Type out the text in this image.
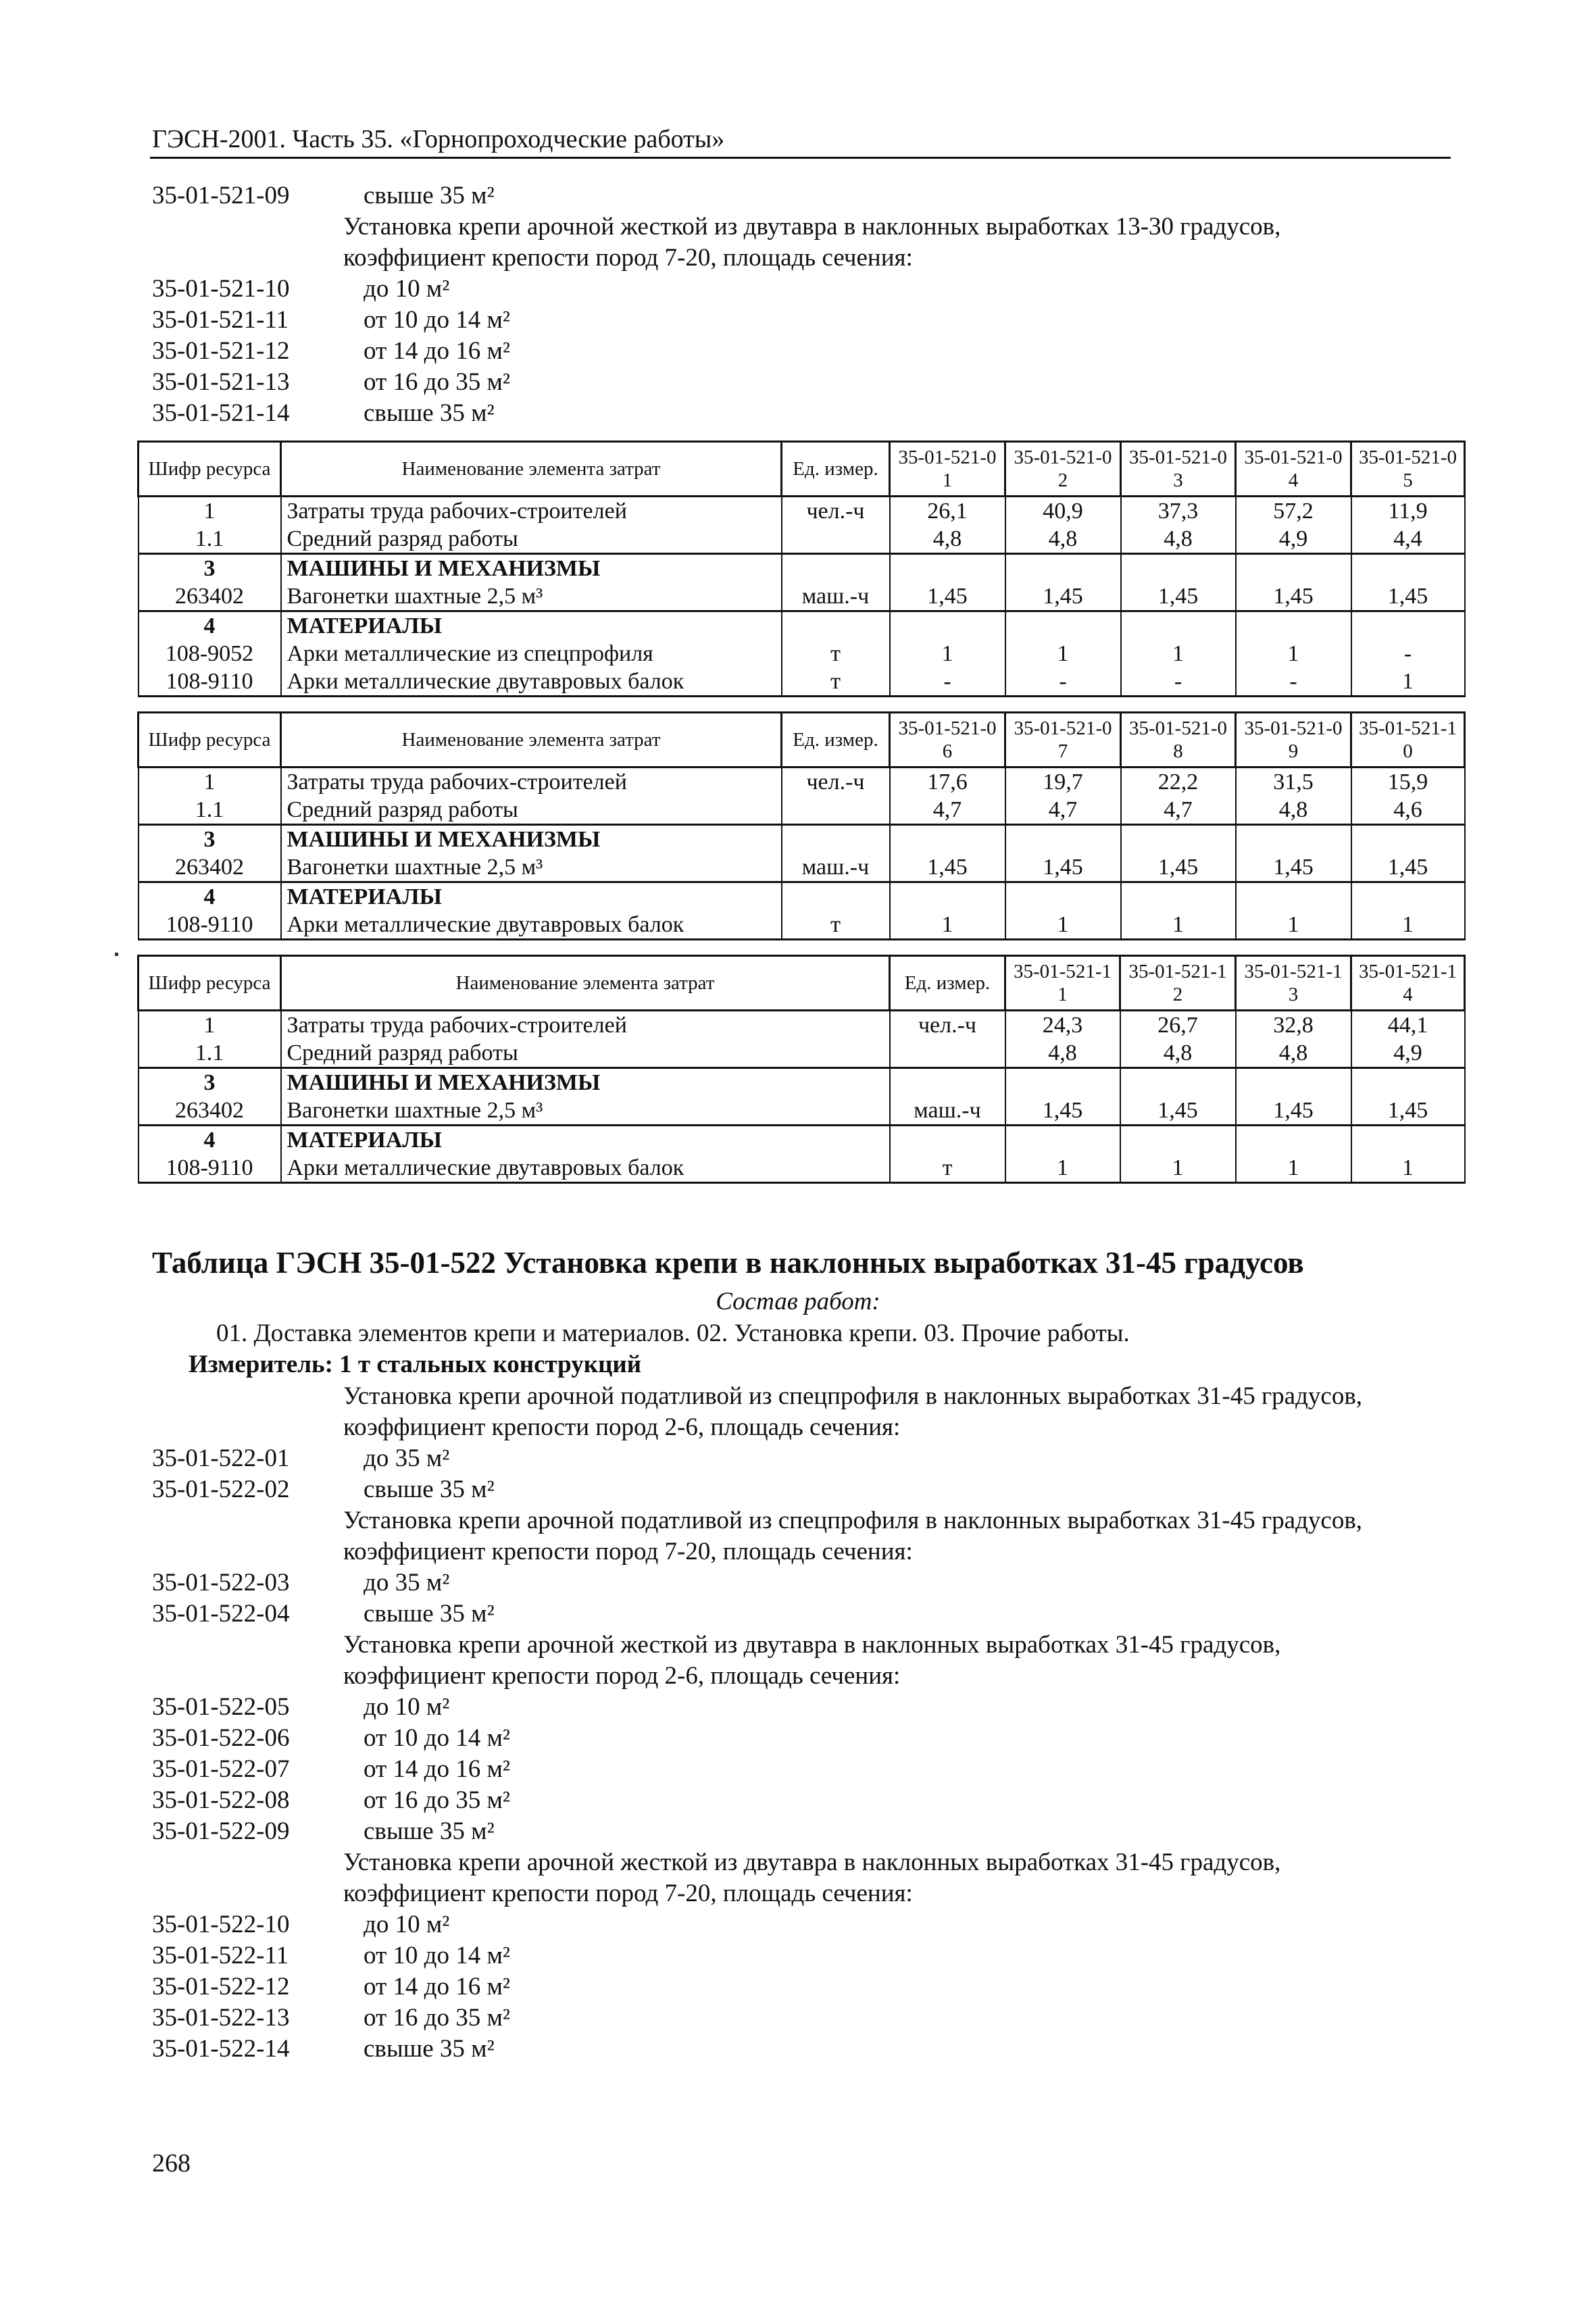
ГЭСН-2001. Часть 35. «Горнопроходческие работы»
35-01-521-09	свыше 35 м²
Установка крепи арочной жесткой из двутавра в наклонных выработках 13-30 градусов,
коэффициент крепости пород 7-20, площадь сечения:
35-01-521-10	до 10 м²
35-01-521-11	от 10 до 14 м²
35-01-521-12	от 14 до 16 м²
35-01-521-13	от 16 до 35 м²
35-01-521-14	свыше 35 м²
Шифр ресурса	Наименование элемента затрат	Ед. измер.	35-01-521-01	35-01-521-02	35-01-521-03	35-01-521-04	35-01-521-05
1	Затраты труда рабочих-строителей	чел.-ч	26,1	40,9	37,3	57,2	11,9
1.1	Средний разряд работы		4,8	4,8	4,8	4,9	4,4
3	МАШИНЫ И МЕХАНИЗМЫ						
263402	Вагонетки шахтные 2,5 м³	маш.-ч	1,45	1,45	1,45	1,45	1,45
4	МАТЕРИАЛЫ						
108-9052	Арки металлические из спецпрофиля	т	1	1	1	1	-
108-9110	Арки металлические двутавровых балок	т	-	-	-	-	1
Шифр ресурса	Наименование элемента затрат	Ед. измер.	35-01-521-06	35-01-521-07	35-01-521-08	35-01-521-09	35-01-521-10
1	Затраты труда рабочих-строителей	чел.-ч	17,6	19,7	22,2	31,5	15,9
1.1	Средний разряд работы		4,7	4,7	4,7	4,8	4,6
3	МАШИНЫ И МЕХАНИЗМЫ						
263402	Вагонетки шахтные 2,5 м³	маш.-ч	1,45	1,45	1,45	1,45	1,45
4	МАТЕРИАЛЫ						
108-9110	Арки металлические двутавровых балок	т	1	1	1	1	1
Шифр ресурса	Наименование элемента затрат	Ед. измер.	35-01-521-11	35-01-521-12	35-01-521-13	35-01-521-14
1	Затраты труда рабочих-строителей	чел.-ч	24,3	26,7	32,8	44,1
1.1	Средний разряд работы		4,8	4,8	4,8	4,9
3	МАШИНЫ И МЕХАНИЗМЫ					
263402	Вагонетки шахтные 2,5 м³	маш.-ч	1,45	1,45	1,45	1,45
4	МАТЕРИАЛЫ					
108-9110	Арки металлические двутавровых балок	т	1	1	1	1
Таблица ГЭСН 35-01-522 Установка крепи в наклонных выработках 31-45 градусов
Состав работ:
01. Доставка элементов крепи и материалов. 02. Установка крепи. 03. Прочие работы.
Измеритель: 1 т стальных конструкций
Установка крепи арочной податливой из спецпрофиля в наклонных выработках 31-45 градусов,
коэффициент крепости пород 2-6, площадь сечения:
35-01-522-01	до 35 м²
35-01-522-02	свыше 35 м²
Установка крепи арочной податливой из спецпрофиля в наклонных выработках 31-45 градусов,
коэффициент крепости пород 7-20, площадь сечения:
35-01-522-03	до 35 м²
35-01-522-04	свыше 35 м²
Установка крепи арочной жесткой из двутавра в наклонных выработках 31-45 градусов,
коэффициент крепости пород 2-6, площадь сечения:
35-01-522-05	до 10 м²
35-01-522-06	от 10 до 14 м²
35-01-522-07	от 14 до 16 м²
35-01-522-08	от 16 до 35 м²
35-01-522-09	свыше 35 м²
Установка крепи арочной жесткой из двутавра в наклонных выработках 31-45 градусов,
коэффициент крепости пород 7-20, площадь сечения:
35-01-522-10	до 10 м²
35-01-522-11	от 10 до 14 м²
35-01-522-12	от 14 до 16 м²
35-01-522-13	от 16 до 35 м²
35-01-522-14	свыше 35 м²
268
